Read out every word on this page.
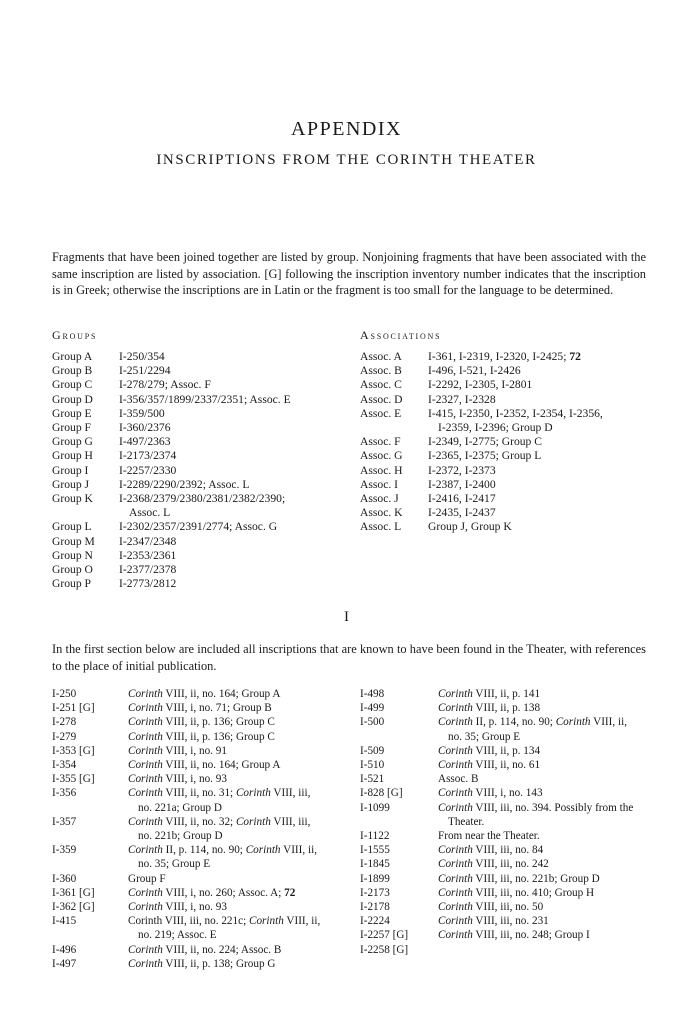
APPENDIX
INSCRIPTIONS FROM THE CORINTH THEATER

Fragments that have been joined together are listed by group. Nonjoining fragments that have been associated with the same inscription are listed by association. [G] following the inscription inventory number indicates that the inscription is in Greek; otherwise the inscriptions are in Latin or the fragment is too small for the language to be determined.

Groups	Associations
Group A	I-250/354
Group B	I-251/2294
Group C	I-278/279; Assoc. F
Group D	I-356/357/1899/2337/2351; Assoc. E
Group E	I-359/500
Group F	I-360/2376
Group G	I-497/2363
Group H	I-2173/2374
Group I	I-2257/2330
Group J	I-2289/2290/2392; Assoc. L
Group K	I-2368/2379/2380/2381/2382/2390;
Assoc. L
Group L	I-2302/2357/2391/2774; Assoc. G
Group M	I-2347/2348
Group N	I-2353/2361
Group O	I-2377/2378
Group P	I-2773/2812
Assoc. A	I-361, I-2319, I-2320, I-2425; 72
Assoc. B	I-496, I-521, I-2426
Assoc. C	I-2292, I-2305, I-2801
Assoc. D	I-2327, I-2328
Assoc. E	I-415, I-2350, I-2352, I-2354, I-2356,
I-2359, I-2396; Group D
Assoc. F	I-2349, I-2775; Group C
Assoc. G	I-2365, I-2375; Group L
Assoc. H	I-2372, I-2373
Assoc. I	I-2387, I-2400
Assoc. J	I-2416, I-2417
Assoc. K	I-2435, I-2437
Assoc. L	Group J, Group K
I

In the first section below are included all inscriptions that are known to have been found in the Theater, with references to the place of initial publication.

I-250	Corinth VIII, ii, no. 164; Group A
I-251 [G]	Corinth VIII, i, no. 71; Group B
I-278	Corinth VIII, ii, p. 136; Group C
I-279	Corinth VIII, ii, p. 136; Group C
I-353 [G]	Corinth VIII, i, no. 91
I-354	Corinth VIII, ii, no. 164; Group A
I-355 [G]	Corinth VIII, i, no. 93
I-356	Corinth VIII, ii, no. 31; Corinth VIII, iii,
no. 221a; Group D
I-357	Corinth VIII, ii, no. 32; Corinth VIII, iii,
no. 221b; Group D
I-359	Corinth II, p. 114, no. 90; Corinth VIII, ii,
no. 35; Group E
I-360	Group F
I-361 [G]	Corinth VIII, i, no. 260; Assoc. A; 72
I-362 [G]	Corinth VIII, i, no. 93
I-415	Corinth VIII, iii, no. 221c; Corinth VIII, ii,
no. 219; Assoc. E
I-496	Corinth VIII, ii, no. 224; Assoc. B
I-497	Corinth VIII, ii, p. 138; Group G
I-498	Corinth VIII, ii, p. 141
I-499	Corinth VIII, ii, p. 138
I-500	Corinth II, p. 114, no. 90; Corinth VIII, ii,
no. 35; Group E
I-509	Corinth VIII, ii, p. 134
I-510	Corinth VIII, ii, no. 61
I-521	Assoc. B
I-828 [G]	Corinth VIII, i, no. 143
I-1099	Corinth VIII, iii, no. 394. Possibly from the
Theater.
I-1122	From near the Theater.
I-1555	Corinth VIII, iii, no. 84
I-1845	Corinth VIII, iii, no. 242
I-1899	Corinth VIII, iii, no. 221b; Group D
I-2173	Corinth VIII, iii, no. 410; Group H
I-2178	Corinth VIII, iii, no. 50
I-2224	Corinth VIII, iii, no. 231
I-2257 [G]	Corinth VIII, iii, no. 248; Group I
I-2258 [G]
